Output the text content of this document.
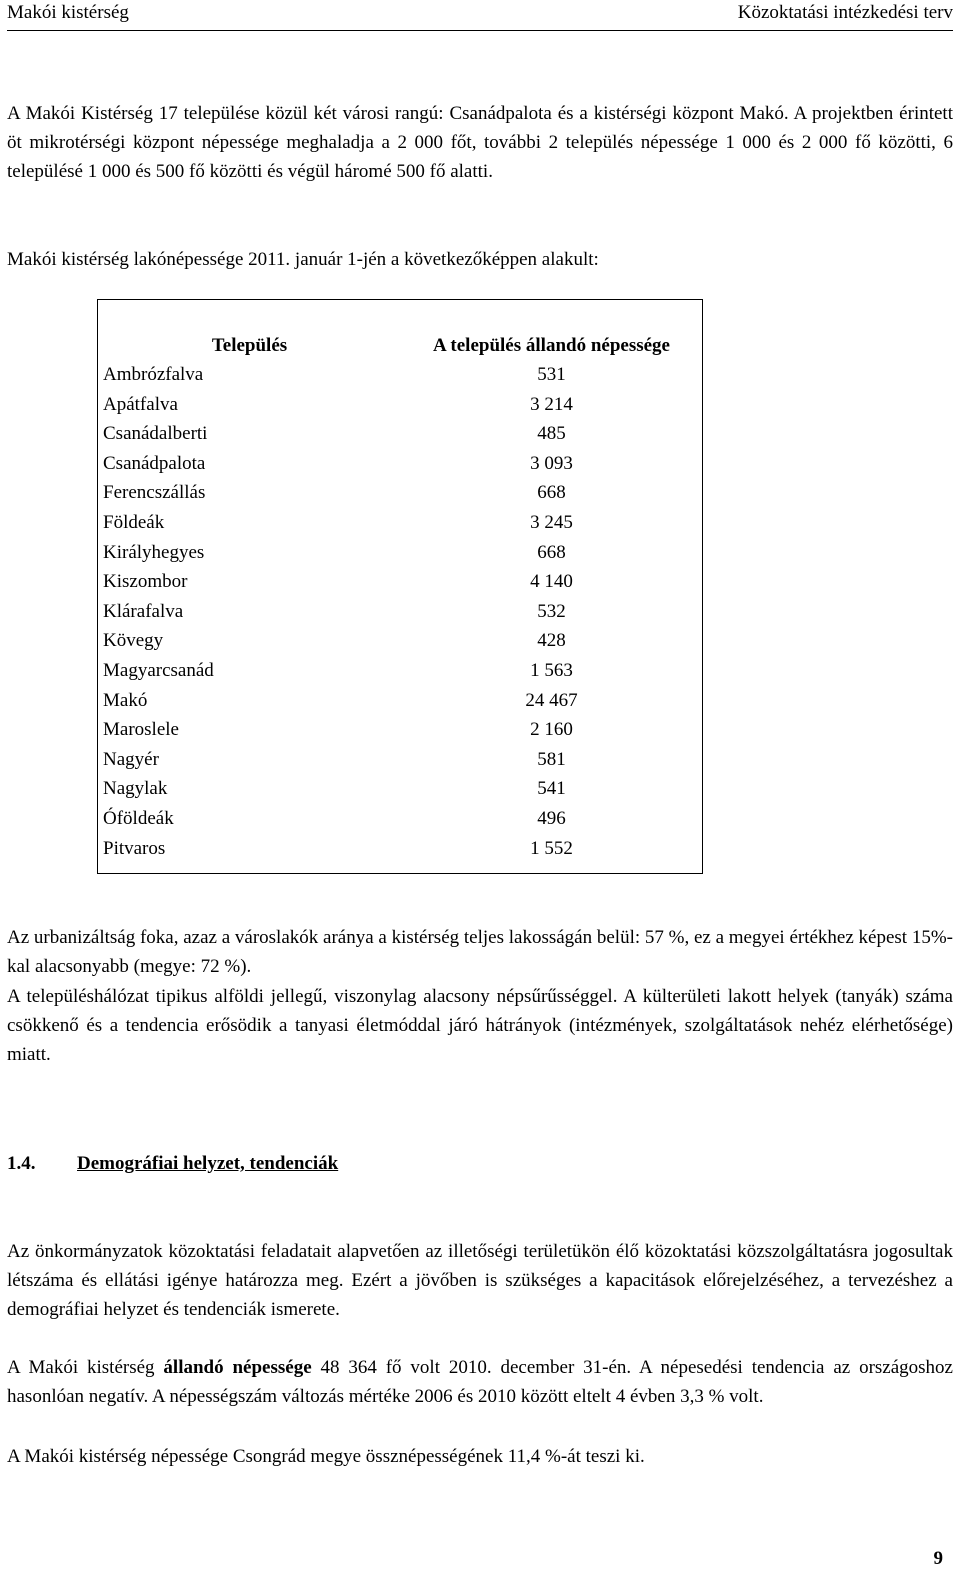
Makói kistérség	Közoktatási intézkedési terv
A Makói Kistérség 17 települése közül két városi rangú: Csanádpalota és a kistérségi központ Makó. A projektben érintett öt mikrotérségi központ népessége meghaladja a 2 000 főt, további 2 település népessége 1 000 és 2 000 fő közötti, 6 településé 1 000 és 500 fő közötti és végül háromé 500 fő alatti.
Makói kistérség lakónépessége 2011. január 1-jén a következőképpen alakult:
Település	A település állandó népessége
Ambrózfalva	531
Apátfalva	3 214
Csanádalberti	485
Csanádpalota	3 093
Ferencszállás	668
Földeák	3 245
Királyhegyes	668
Kiszombor	4 140
Klárafalva	532
Kövegy	428
Magyarcsanád	1 563
Makó	24 467
Maroslele	2 160
Nagyér	581
Nagylak	541
Óföldeák	496
Pitvaros	1 552
Az urbanizáltság foka, azaz a városlakók aránya a kistérség teljes lakosságán belül: 57 %, ez a megyei értékhez képest 15%-kal alacsonyabb (megye: 72 %).
A településhálózat tipikus alföldi jellegű, viszonylag alacsony népsűrűsséggel. A külterületi lakott helyek (tanyák) száma csökkenő és a tendencia erősödik a tanyasi életmóddal járó hátrányok (intézmények, szolgáltatások nehéz elérhetősége) miatt.
1.4. Demográfiai helyzet, tendenciák
Az önkormányzatok közoktatási feladatait alapvetően az illetőségi területükön élő közoktatási közszolgáltatásra jogosultak létszáma és ellátási igénye határozza meg. Ezért a jövőben is szükséges a kapacitások előrejelzéséhez, a tervezéshez a demográfiai helyzet és tendenciák ismerete.
A Makói kistérség állandó népessége 48 364 fő volt 2010. december 31-én. A népesedési tendencia az országoshoz hasonlóan negatív. A népességszám változás mértéke 2006 és 2010 között eltelt 4 évben 3,3 % volt.
A Makói kistérség népessége Csongrád megye össznépességének 11,4 %-át teszi ki.
9
